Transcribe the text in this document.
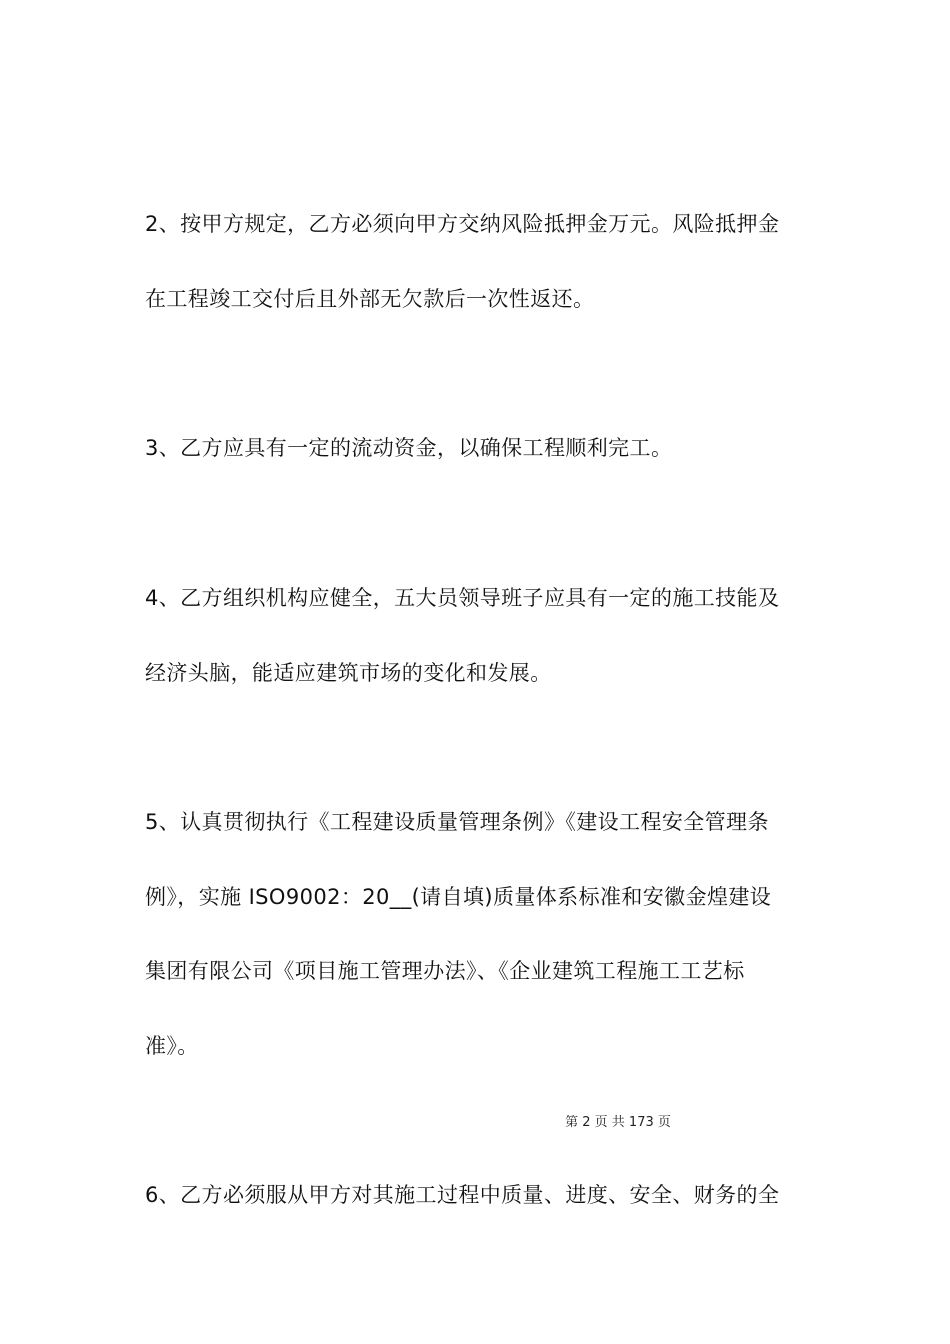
2、按甲方规定，乙方必须向甲方交纳风险抵押金万元。风险抵押金
在工程竣工交付后且外部无欠款后一次性返还。
3、乙方应具有一定的流动资金，以确保工程顺利完工。
4、乙方组织机构应健全，五大员领导班子应具有一定的施工技能及
经济头脑，能适应建筑市场的变化和发展。
5、认真贯彻执行《工程建设质量管理条例》《建设工程安全管理条
例》，实施 ISO9002：20__(请自填)质量体系标准和安徽金煌建设
集团有限公司《项目施工管理办法》、《企业建筑工程施工工艺标
准》。
第 2 页 共 173 页
6、乙方必须服从甲方对其施工过程中质量、进度、安全、财务的全
